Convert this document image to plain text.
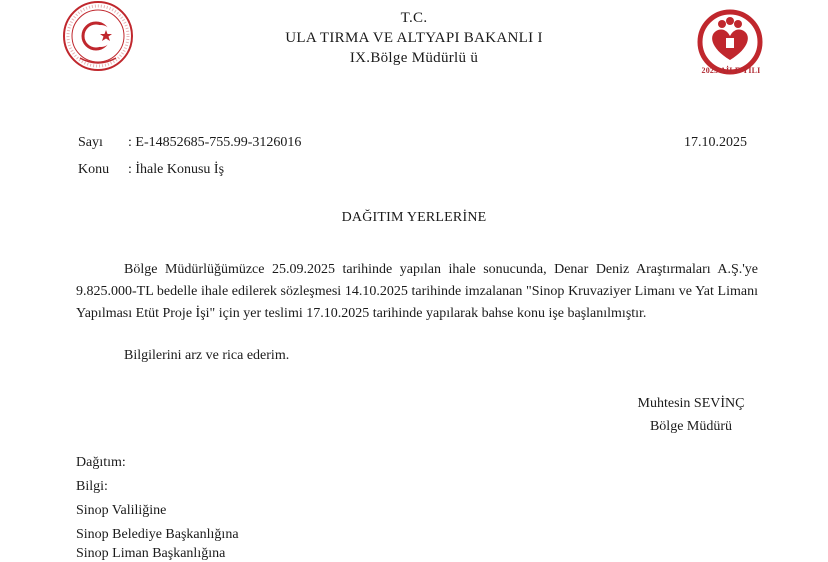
2025 AİLE YILI
T.C.
ULA TIRMA VE ALTYAPI BAKANLI I
IX.Bölge Müdürlü ü
Sayı : E-14852685-755.99-3126016	17.10.2025
Konu : İhale Konusu İş
DAĞITIM YERLERİNE
Bölge Müdürlüğümüzce 25.09.2025 tarihinde yapılan ihale sonucunda, Denar Deniz Araştırmaları A.Ş.'ye 9.825.000-TL bedelle ihale edilerek sözleşmesi 14.10.2025 tarihinde imzalanan "Sinop Kruvaziyer Limanı ve Yat Limanı Yapılması Etüt Proje İşi" için yer teslimi 17.10.2025 tarihinde yapılarak bahse konu işe başlanılmıştır.
Bilgilerini arz ve rica ederim.
Muhtesin SEVİNÇ
Bölge Müdürü
Dağıtım:
Bilgi:
Sinop Valiliğine
Sinop Belediye Başkanlığına
Sinop Liman Başkanlığına
